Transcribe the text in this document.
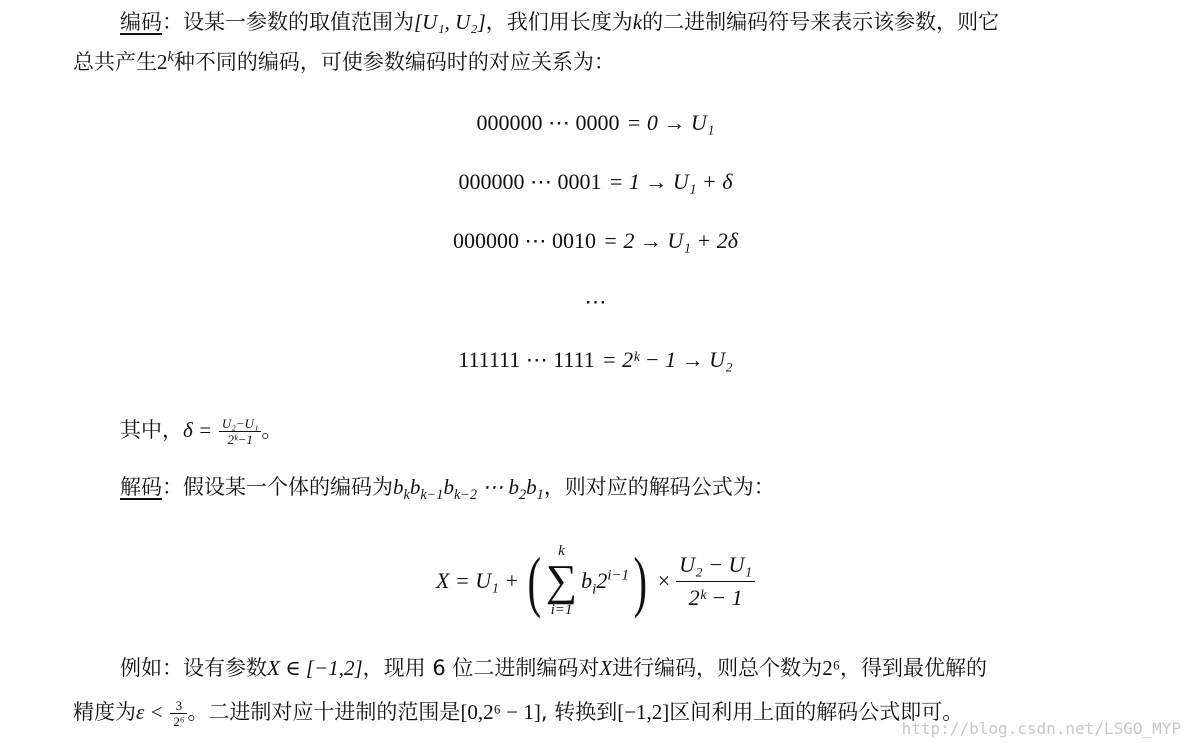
编码：设某一参数的取值范围为[U₁, U₂]，我们用长度为k的二进制编码符号来表示该参数，则它
总共产生2$^k$种不同的编码，可使参数编码时的对应关系为：
000000 ⋯ 0000 = 0 → U₁
000000 ⋯ 0001 = 1 → U₁ + δ
000000 ⋯ 0010 = 2 → U₁ + 2δ
⋯
111111 ⋯ 1111 = 2ᵏ − 1 → U₂
其中，$\delta = \frac{\text{U₂−U₁}}{\text{2ᵏ−1}}$ 。
解码：假设某一个体的编码为$b_kb_{k-1}b_{k-2}$ ⋯ $b_2b_1$，则对应的解码公式为：
X = U₁ + (	k
∑
i=1
$b_i2^{i-1}$ ) × $\frac{\text{U₂ − U₁}}{\text{2ᵏ − 1}}$
例如：设有参数X ∈ [−1,2]，现用 6 位二进制编码对X进行编码，则总个数为2⁶，得到最优解的
精度为$\varepsilon < \frac{3}{\text{2⁶}}$ 。二进制对应十进制的范围是[0,2⁶ − 1], 转换到[−1,2]区间利用上面的解码公式即可。
http://blog.csdn.net/LSGO_MYP
